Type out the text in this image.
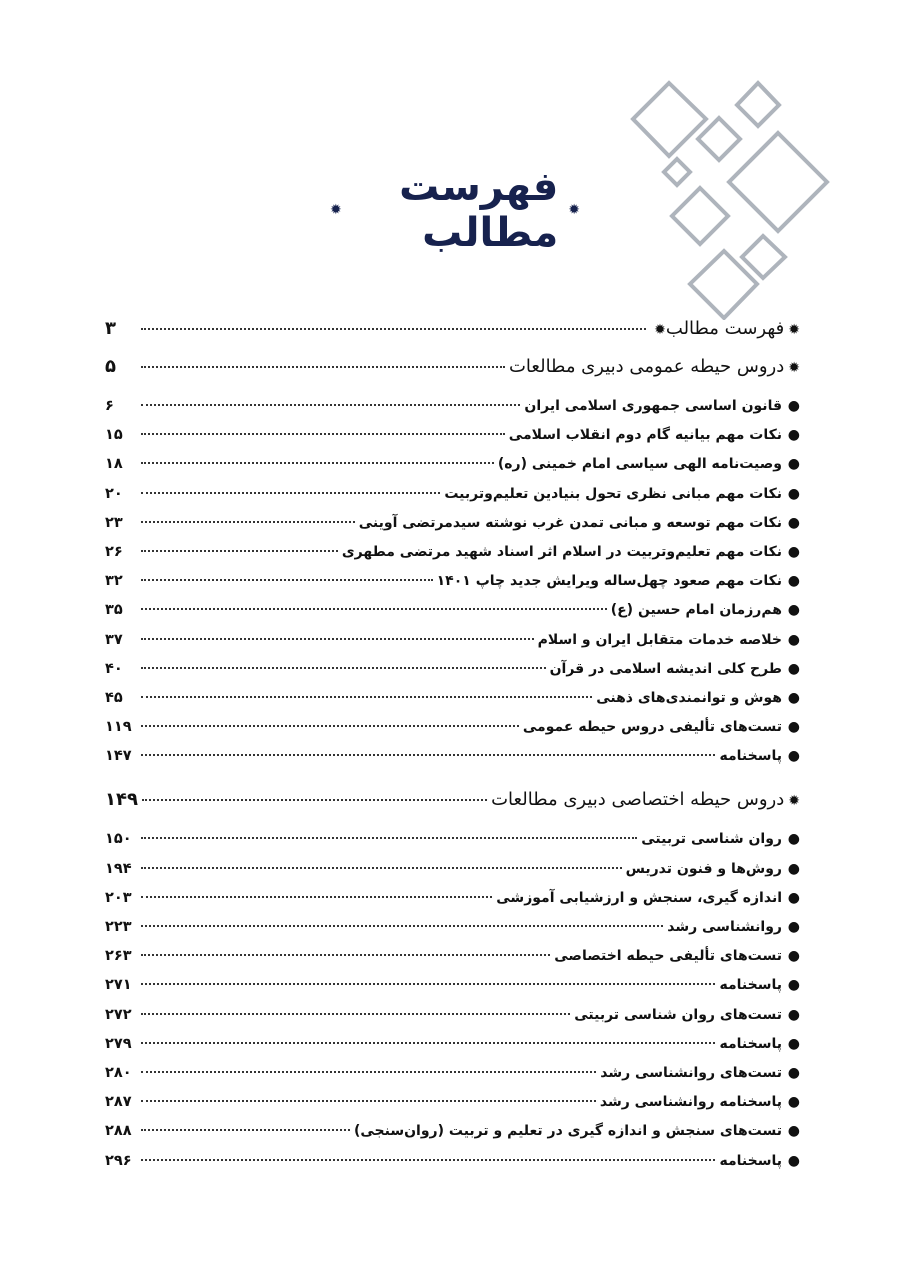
✹
فهرست مطالب
✹
✹
فهرست مطالب
✹
۳
✹
دروس حیطه عمومی دبیری مطالعات
۵
●
قانون اساسی جمهوری اسلامی ایران
۶
●
نکات مهم بیانیه گام دوم انقلاب اسلامی
۱۵
●
وصیت‌نامه الهی سیاسی امام خمینی (ره)
۱۸
●
نکات مهم مبانی نظری تحول بنیادین تعلیم‌وتربیت
۲۰
●
نکات مهم توسعه و مبانی تمدن غرب نوشته سیدمرتضی آوینی
۲۳
●
نکات مهم تعلیم‌وتربیت در اسلام اثر اسناد شهید مرتضی مطهری
۲۶
●
نکات مهم صعود چهل‌ساله ویرایش جدید چاپ ۱۴۰۱
۳۲
●
هم‌رزمان امام حسین (ع)
۳۵
●
خلاصه خدمات متقابل ایران و اسلام
۳۷
●
طرح کلی اندیشه اسلامی در قرآن
۴۰
●
هوش و توانمندی‌های ذهنی
۴۵
●
تست‌های تألیفی دروس حیطه عمومی
۱۱۹
●
پاسخنامه
۱۴۷
✹
دروس حیطه اختصاصی دبیری مطالعات
۱۴۹
●
روان شناسی تربیتی
۱۵۰
●
روش‌ها و فنون تدریس
۱۹۴
●
اندازه گیری، سنجش و ارزشیابی آموزشی
۲۰۳
●
روانشناسی رشد
۲۲۳
●
تست‌های تألیفی حیطه اختصاصی
۲۶۳
●
پاسخنامه
۲۷۱
●
تست‌های روان شناسی تربیتی
۲۷۲
●
پاسخنامه
۲۷۹
●
تست‌های روانشناسی رشد
۲۸۰
●
پاسخنامه روانشناسی رشد
۲۸۷
●
تست‌های سنجش و اندازه گیری در تعلیم و تربیت (روان‌سنجی)
۲۸۸
●
پاسخنامه
۲۹۶
